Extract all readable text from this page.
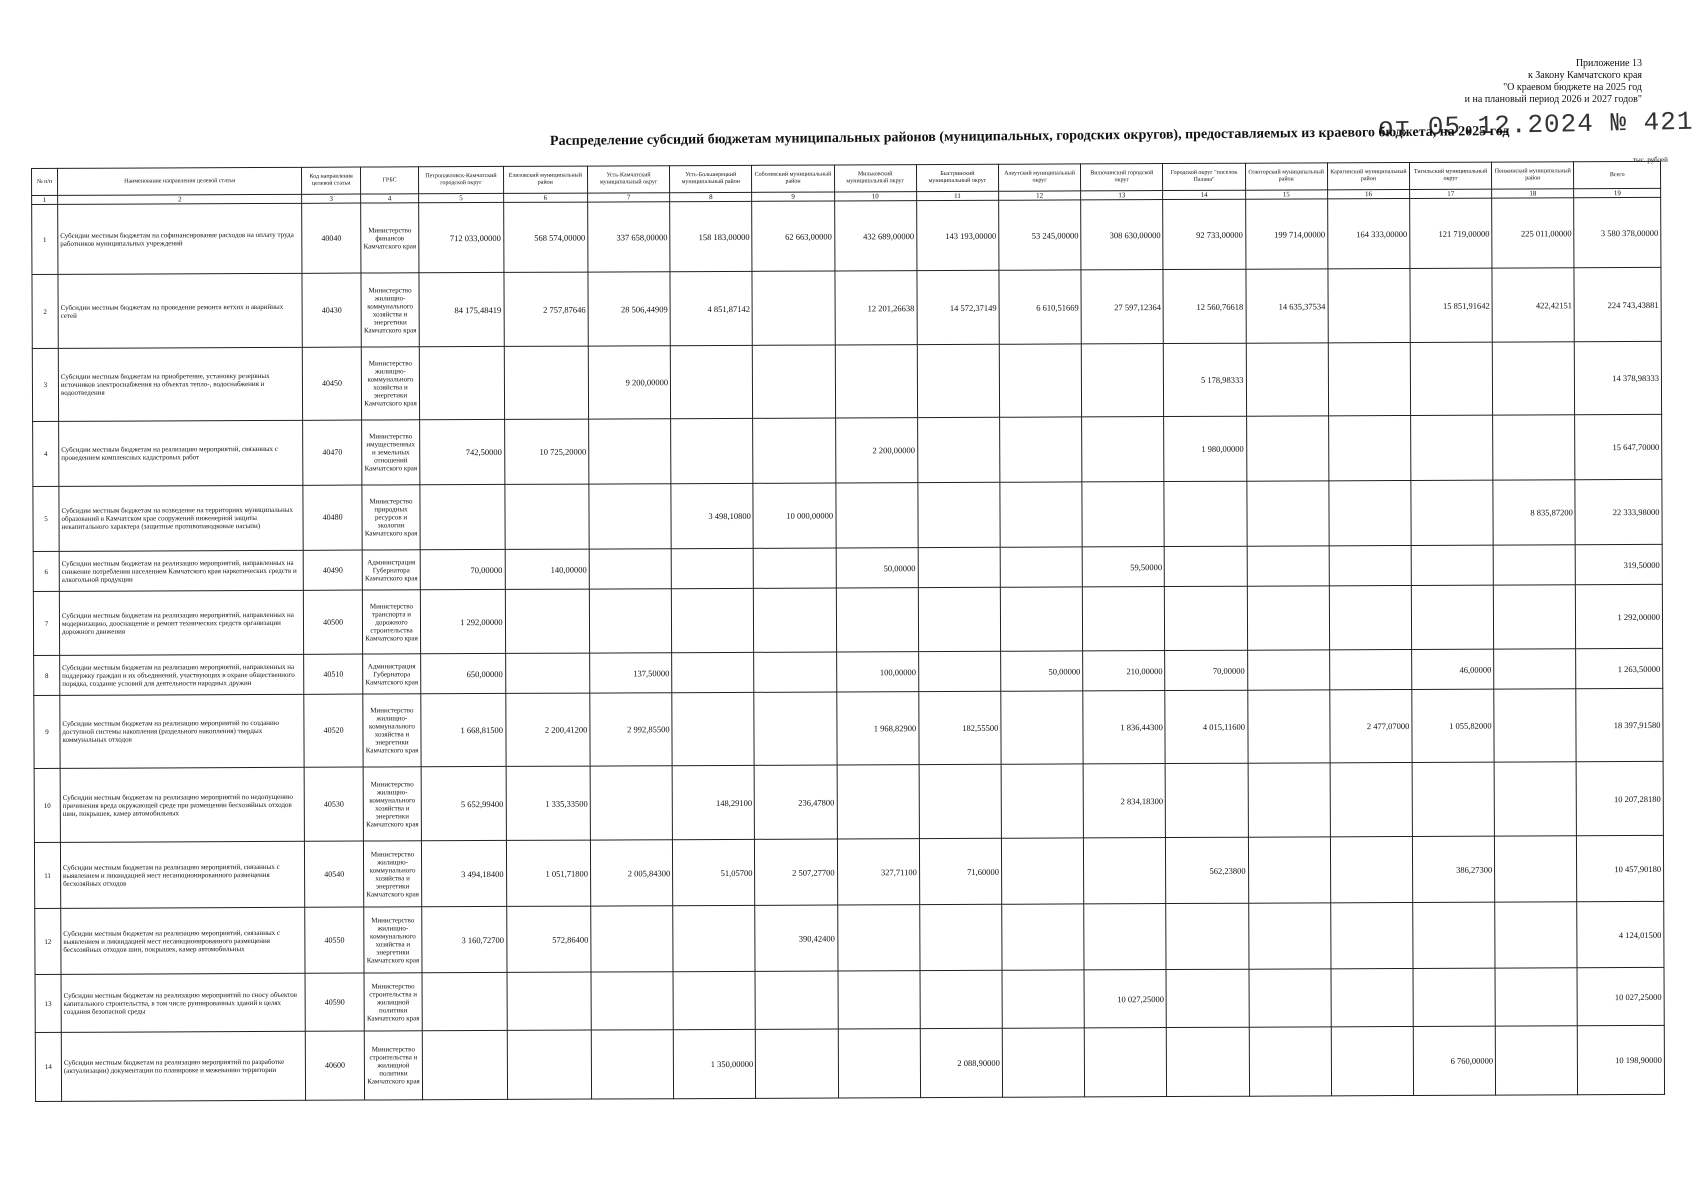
Приложение 13
к Закону Камчатского края
"О краевом бюджете на 2025 год
и на плановый период 2026 и 2027 годов"
от 05.12.2024 № 421
Распределение субсидий бюджетам муниципальных районов (муниципальных, городских округов), предоставляемых из краевого бюджета, на 2025 год
тыс. рублей
№ п/п	Наименование направления целевой статьи	Код направления целевой статьи	ГРБС	Петропавловск-Камчатский городской округ	Елизовский муниципальный район	Усть-Камчатский муниципальный округ	Усть-Большерецкий муниципальный район	Соболевский муниципальный район	Мильковский муниципальный округ	Быстринский муниципальный округ	Алеутский муниципальный округ	Вилючинский городской округ	Городской округ "поселок Палана"	Олюторский муниципальный район	Карагинский муниципальный район	Тигильский муниципальный округ	Пенжинский муниципальный район	Всего
1	2	3	4	5	6	7	8	9	10	11	12	13	14	15	16	17	18	19
1	Субсидии местным бюджетам на софинансирование расходов на оплату труда работников муниципальных учреждений	40040	Министерство финансов Камчатского края	712 033,00000	568 574,00000	337 658,00000	158 183,00000	62 663,00000	432 689,00000	143 193,00000	53 245,00000	308 630,00000	92 733,00000	199 714,00000	164 333,00000	121 719,00000	225 011,00000	3 580 378,00000
2	Субсидии местным бюджетам на проведение ремонта ветхих и аварийных сетей	40430	Министерство жилищно-коммунального хозяйства и энергетики Камчатского края	84 175,48419	2 757,87646	28 506,44909	4 851,87142		12 201,26638	14 572,37149	6 610,51669	27 597,12364	12 560,76618	14 635,37534		15 851,91642	422,42151	224 743,43881
3	Субсидии местным бюджетам на приобретение, установку резервных источников электроснабжения на объектах тепло-, водоснабжения и водоотведения	40450	Министерство жилищно-коммунального хозяйства и энергетики Камчатского края			9 200,00000							5 178,98333					14 378,98333
4	Субсидии местным бюджетам на реализацию мероприятий, связанных с проведением комплексных кадастровых работ	40470	Министерство имущественных и земельных отношений Камчатского края	742,50000	10 725,20000				2 200,00000				1 980,00000					15 647,70000
5	Субсидии местным бюджетам на возведение на территориях муниципальных образований в Камчатском крае сооружений инженерной защиты некапитального характера (защитные противопаводковые насыпи)	40480	Министерство природных ресурсов и экологии Камчатского края				3 498,10800	10 000,00000									8 835,87200	22 333,98000
6	Субсидии местным бюджетам на реализацию мероприятий, направленных на снижение потребления населением Камчатского края наркотических средств и алкогольной продукции	40490	Администрация Губернатора Камчатского края	70,00000	140,00000				50,00000			59,50000						319,50000
7	Субсидии местным бюджетам на реализацию мероприятий, направленных на модернизацию, дооснащение и ремонт технических средств организации дорожного движения	40500	Министерство транспорта и дорожного строительства Камчатского края	1 292,00000														1 292,00000
8	Субсидии местным бюджетам на реализацию мероприятий, направленных на поддержку граждан и их объединений, участвующих в охране общественного порядка, создание условий для деятельности народных дружин	40510	Администрация Губернатора Камчатского края	650,00000		137,50000			100,00000		50,00000	210,00000	70,00000			46,00000		1 263,50000
9	Субсидии местным бюджетам на реализацию мероприятий по созданию доступной системы накопления (раздельного накопления) твердых коммунальных отходов	40520	Министерство жилищно-коммунального хозяйства и энергетики Камчатского края	1 668,81500	2 200,41200	2 992,85500			1 968,82900	182,55500		1 836,44300	4 015,11600		2 477,07000	1 055,82000		18 397,91580
10	Субсидии местным бюджетам на реализацию мероприятий по недопущению причинения вреда окружающей среде при размещении бесхозяйных отходов шин, покрышек, камер автомобильных	40530	Министерство жилищно-коммунального хозяйства и энергетики Камчатского края	5 652,99400	1 335,33500		148,29100	236,47800				2 834,18300						10 207,28180
11	Субсидии местным бюджетам на реализацию мероприятий, связанных с выявлением и ликвидацией мест несанкционированного размещения бесхозяйных отходов	40540	Министерство жилищно-коммунального хозяйства и энергетики Камчатского края	3 494,18400	1 051,71800	2 005,84300	51,05700	2 507,27700	327,71100	71,60000			562,23800			386,27300		10 457,90180
12	Субсидии местным бюджетам на реализацию мероприятий, связанных с выявлением и ликвидацией мест несанкционированного размещения бесхозяйных отходов шин, покрышек, камер автомобильных	40550	Министерство жилищно-коммунального хозяйства и энергетики Камчатского края	3 160,72700	572,86400			390,42400										4 124,01500
13	Субсидии местным бюджетам на реализацию мероприятий по сносу объектов капитального строительства, в том числе руинированных зданий в целях создания безопасной среды	40590	Министерство строительства и жилищной политики Камчатского края									10 027,25000						10 027,25000
14	Субсидии местным бюджетам на реализацию мероприятий по разработке (актуализации) документации по планировке и межеванию территории	40600	Министерство строительства и жилищной политики Камчатского края				1 350,00000			2 088,90000						6 760,00000		10 198,90000
